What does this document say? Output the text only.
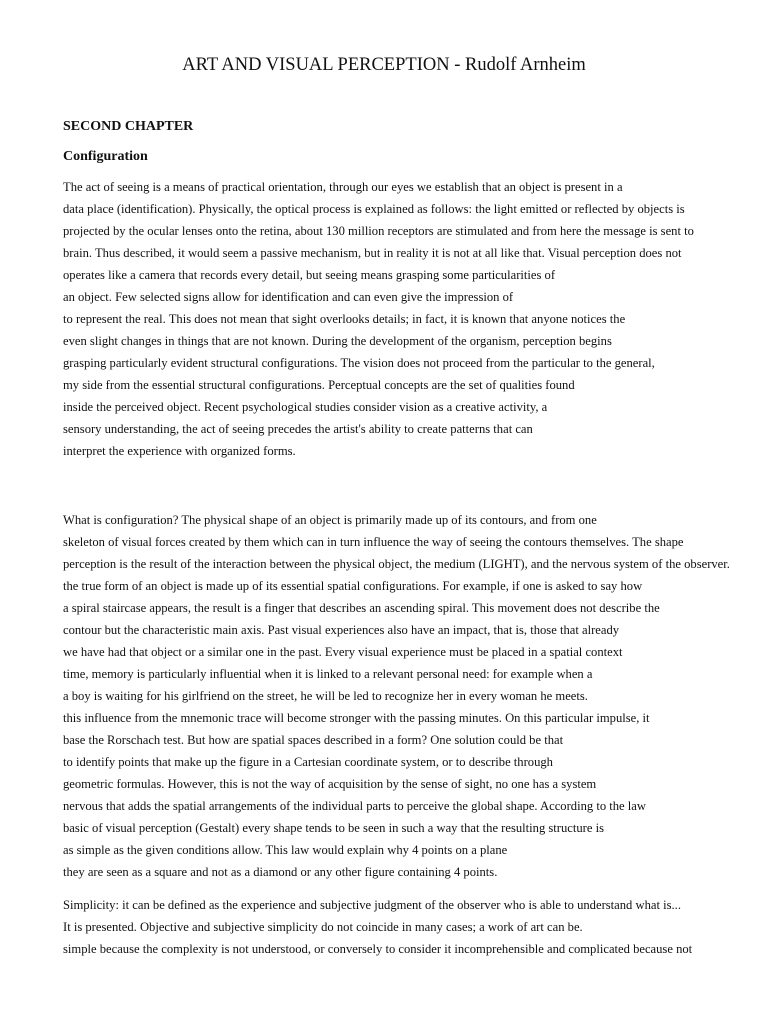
ART AND VISUAL PERCEPTION - Rudolf Arnheim
SECOND CHAPTER
Configuration

The act of seeing is a means of practical orientation, through our eyes we establish that an object is present in a
data place (identification). Physically, the optical process is explained as follows: the light emitted or reflected by objects is
projected by the ocular lenses onto the retina, about 130 million receptors are stimulated and from here the message is sent to
brain. Thus described, it would seem a passive mechanism, but in reality it is not at all like that. Visual perception does not
operates like a camera that records every detail, but seeing means grasping some particularities of
an object. Few selected signs allow for identification and can even give the impression of
to represent the real. This does not mean that sight overlooks details; in fact, it is known that anyone notices the
even slight changes in things that are not known. During the development of the organism, perception begins
grasping particularly evident structural configurations. The vision does not proceed from the particular to the general,
my side from the essential structural configurations. Perceptual concepts are the set of qualities found
inside the perceived object. Recent psychological studies consider vision as a creative activity, a
sensory understanding, the act of seeing precedes the artist's ability to create patterns that can
interpret the experience with organized forms.

What is configuration? The physical shape of an object is primarily made up of its contours, and from one
skeleton of visual forces created by them which can in turn influence the way of seeing the contours themselves. The shape
perception is the result of the interaction between the physical object, the medium (LIGHT), and the nervous system of the observer.
the true form of an object is made up of its essential spatial configurations. For example, if one is asked to say how
a spiral staircase appears, the result is a finger that describes an ascending spiral. This movement does not describe the
contour but the characteristic main axis. Past visual experiences also have an impact, that is, those that already
we have had that object or a similar one in the past. Every visual experience must be placed in a spatial context
time, memory is particularly influential when it is linked to a relevant personal need: for example when a
a boy is waiting for his girlfriend on the street, he will be led to recognize her in every woman he meets.
this influence from the mnemonic trace will become stronger with the passing minutes. On this particular impulse, it
base the Rorschach test. But how are spatial spaces described in a form? One solution could be that
to identify points that make up the figure in a Cartesian coordinate system, or to describe through
geometric formulas. However, this is not the way of acquisition by the sense of sight, no one has a system
nervous that adds the spatial arrangements of the individual parts to perceive the global shape. According to the law
basic of visual perception (Gestalt) every shape tends to be seen in such a way that the resulting structure is
as simple as the given conditions allow. This law would explain why 4 points on a plane
they are seen as a square and not as a diamond or any other figure containing 4 points.

Simplicity: it can be defined as the experience and subjective judgment of the observer who is able to understand what is...
It is presented. Objective and subjective simplicity do not coincide in many cases; a work of art can be.
simple because the complexity is not understood, or conversely to consider it incomprehensible and complicated because not
